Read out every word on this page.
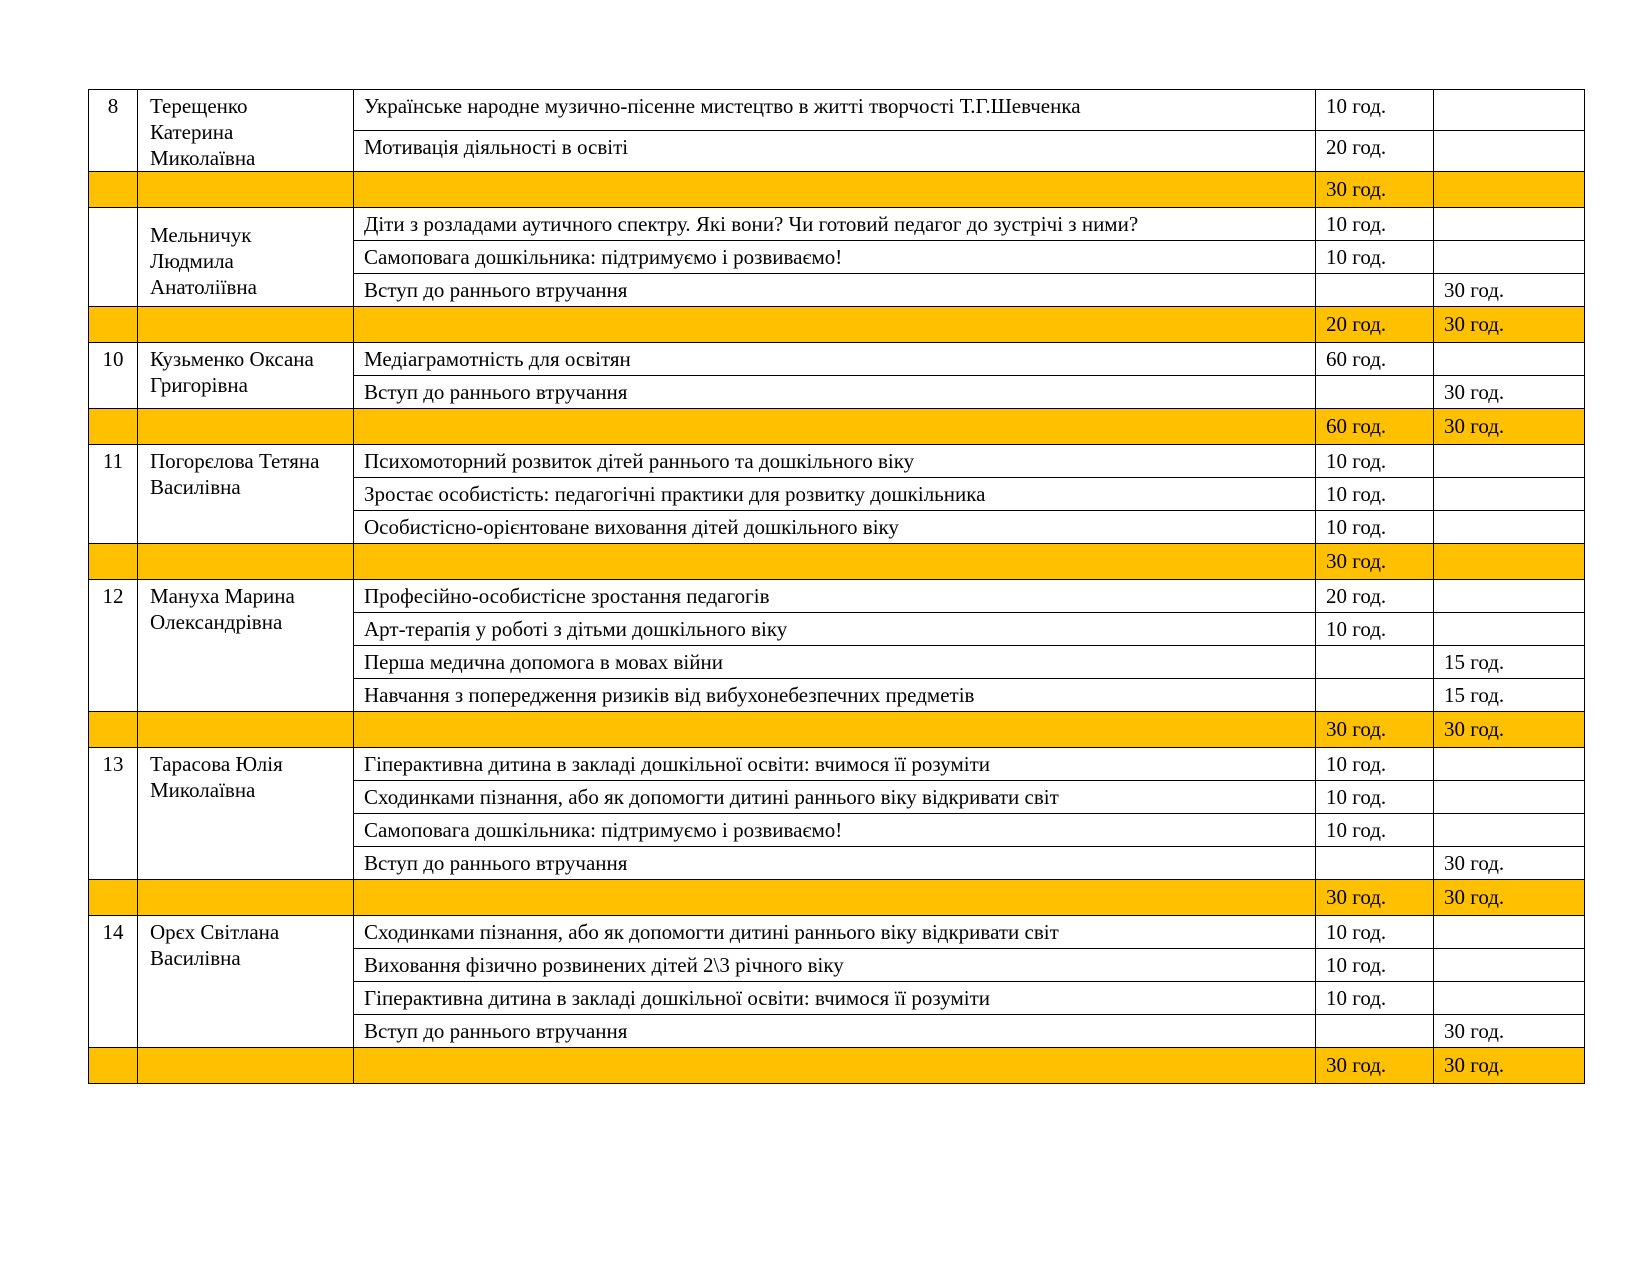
8	Терещенко
Катерина
Миколаївна	Українське народне музично-пісенне мистецтво в житті творчості Т.Г.Шевченка	10 год.	

		Мотивація діяльності в освіті	20 год.	
			30 год.	

	Мельничук
Людмила
Анатоліївна	Діти з розладами аутичного спектру. Які вони? Чи готовий педагог до зустрічі з ними?	10 год.	

		Самоповага дошкільника: підтримуємо і розвиваємо!	10 год.	

		Вступ до раннього втручання		30 год.
			20 год.	30 год.
10	Кузьменко Оксана
Григорівна	Медіаграмотність для освітян	60 год.	

		Вступ до раннього втручання		30 год.
			60 год.	30 год.
11	Погорєлова Тетяна
Василівна	Психомоторний розвиток дітей раннього та дошкільного віку	10 год.	

		Зростає особистість: педагогічні практики для розвитку дошкільника	10 год.	

		Особистісно-орієнтоване виховання дітей дошкільного віку	10 год.	
			30 год.	
12	Мануха Марина
Олександрівна	Професійно-особистісне зростання педагогів	20 год.	

		Арт-терапія у роботі з дітьми дошкільного віку	10 год.	

		Перша медична допомога в мовах війни		15 год.

		Навчання з попередження ризиків від вибухонебезпечних предметів		15 год.
			30 год.	30 год.
13	Тарасова Юлія
Миколаївна	Гіперактивна дитина в закладі дошкільної освіти: вчимося її розуміти	10 год.	

		Сходинками пізнання, або як допомогти дитині раннього віку відкривати світ	10 год.	

		Самоповага дошкільника: підтримуємо і розвиваємо!	10 год.	

		Вступ до раннього втручання		30 год.
			30 год.	30 год.
14	Орєх Світлана
Василівна	Сходинками пізнання, або як допомогти дитині раннього віку відкривати світ	10 год.	

		Виховання фізично розвинених дітей 2\3 річного віку	10 год.	

		Гіперактивна дитина в закладі дошкільної освіти: вчимося її розуміти	10 год.	

		Вступ до раннього втручання		30 год.
			30 год.	30 год.
